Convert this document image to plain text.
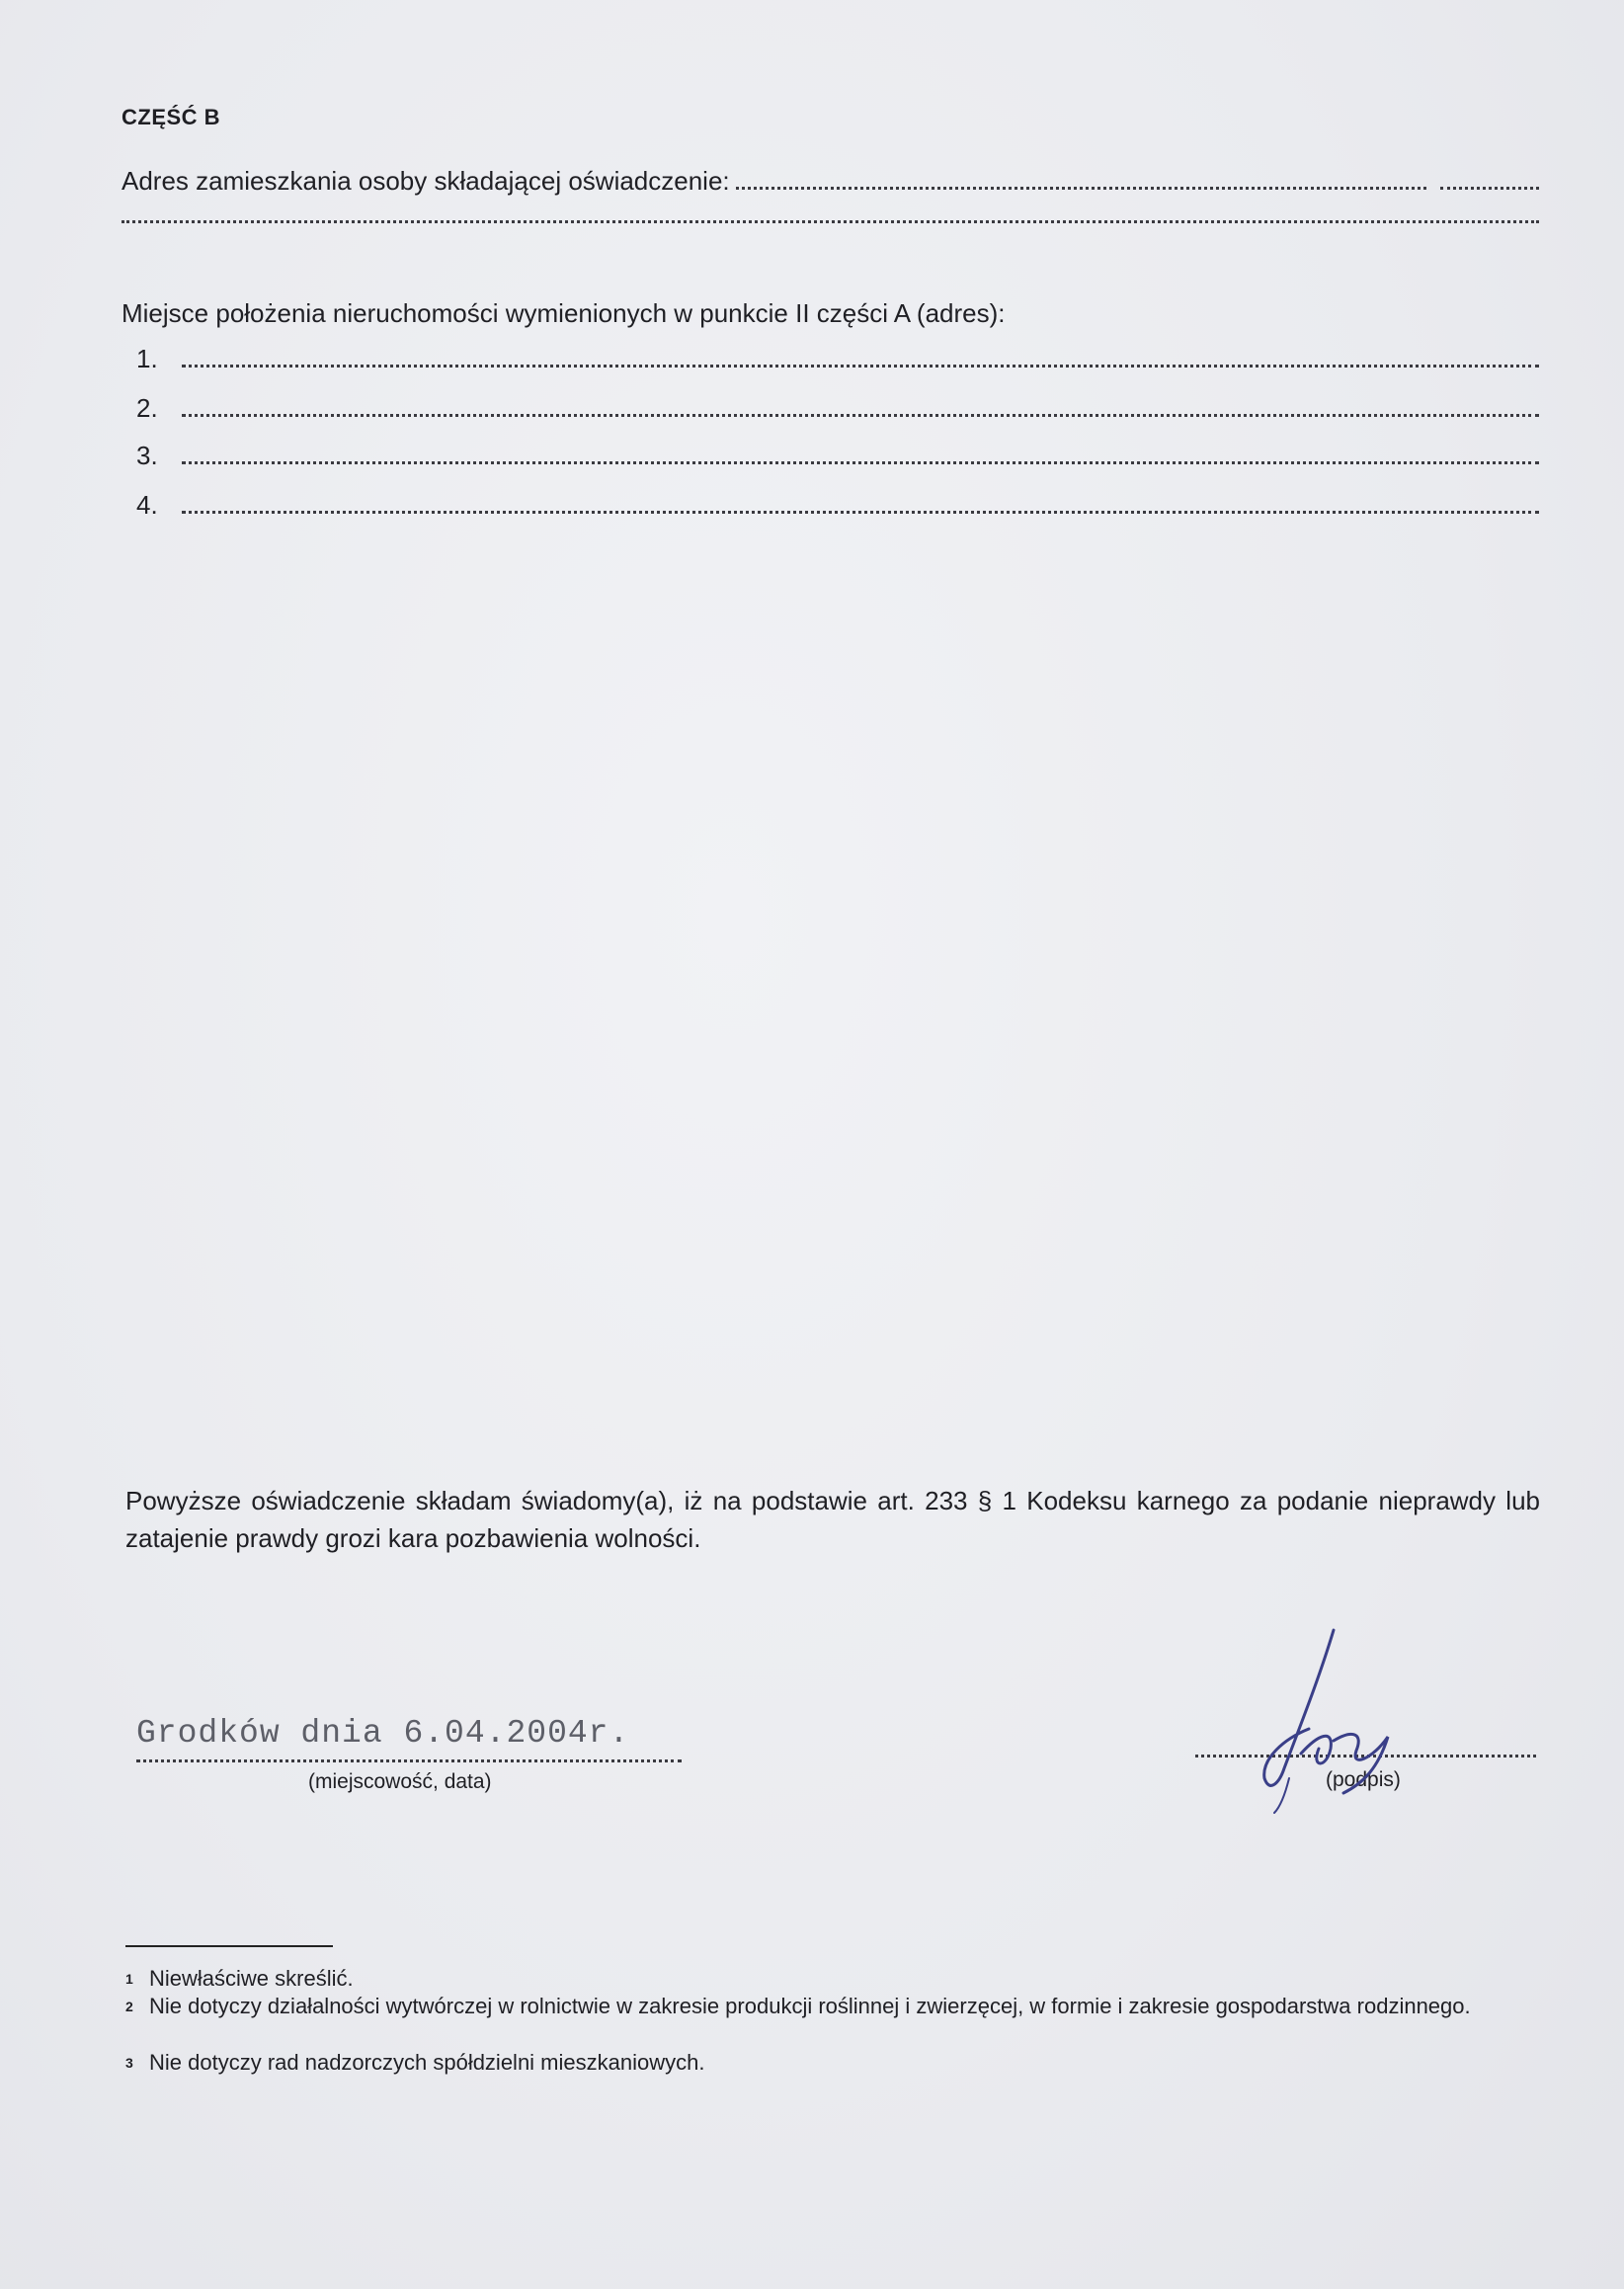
CZĘŚĆ B
Adres zamieszkania osoby składającej oświadczenie:
Miejsce położenia nieruchomości wymienionych w punkcie II części A (adres):
1.
2.
3.
4.
Powyższe oświadczenie składam świadomy(a), iż na podstawie art. 233 § 1 Kodeksu karnego za podanie nieprawdy lub zatajenie prawdy grozi kara pozbawienia wolności.
Grodków dnia 6.04.2004r.
(miejscowość, data)	(podpis)
1 Niewłaściwe skreślić.
2 Nie dotyczy działalności wytwórczej w rolnictwie w zakresie produkcji roślinnej i zwierzęcej, w formie i zakresie gospodarstwa rodzinnego.
3 Nie dotyczy rad nadzorczych spółdzielni mieszkaniowych.
